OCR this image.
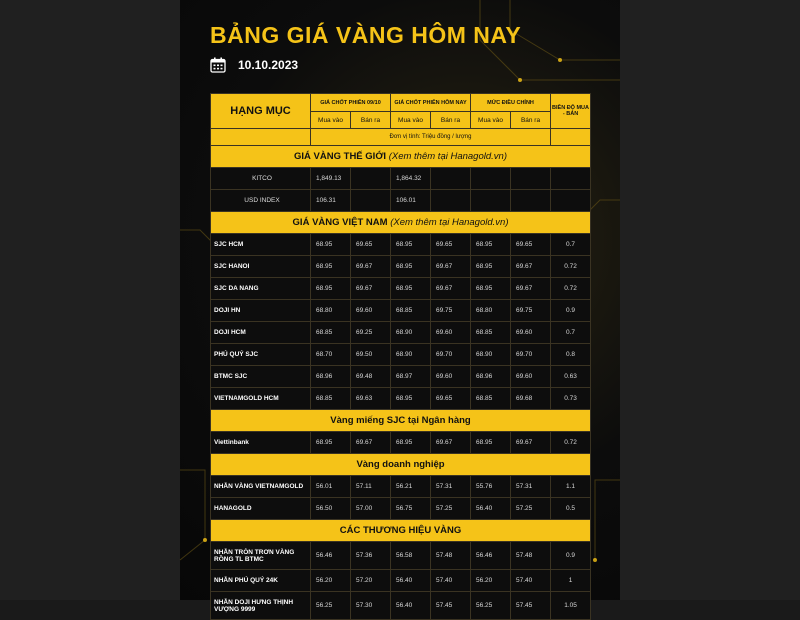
BẢNG GIÁ VÀNG HÔM NAY
10.10.2023
HẠNG MỤC	GIÁ CHỐT PHIÊN 09/10		GIÁ CHỐT PHIÊN HÔM NAY		MỨC ĐIỀU CHỈNH		BIÊN ĐỘ MUA - BÁN
	Mua vào	Bán ra	Mua vào	Bán ra	Mua vào	Bán ra	
	Đơn vị tính: Triệu đồng / lượng						
GIÁ VÀNG THẾ GIỚI (Xem thêm tại Hanagold.vn)							
KITCO	1,849.13		1,864.32				
USD INDEX	106.31		106.01				
GIÁ VÀNG VIỆT NAM (Xem thêm tại Hanagold.vn)							
SJC HCM	68.95	69.65	68.95	69.65	68.95	69.65	0.7
SJC HANOI	68.95	69.67	68.95	69.67	68.95	69.67	0.72
SJC DA NANG	68.95	69.67	68.95	69.67	68.95	69.67	0.72
DOJI HN	68.80	69.60	68.85	69.75	68.80	69.75	0.9
DOJI HCM	68.85	69.25	68.90	69.60	68.85	69.60	0.7
PHÚ QUÝ SJC	68.70	69.50	68.90	69.70	68.90	69.70	0.8
BTMC SJC	68.96	69.48	68.97	69.60	68.96	69.60	0.63
VIETNAMGOLD HCM	68.85	69.63	68.95	69.65	68.85	69.68	0.73
Vàng miếng SJC tại Ngân hàng							
Viettinbank	68.95	69.67	68.95	69.67	68.95	69.67	0.72
Vàng doanh nghiệp							
NHẪN VÀNG VIETNAMGOLD	56.01	57.11	56.21	57.31	55.76	57.31	1.1
HANAGOLD	56.50	57.00	56.75	57.25	56.40	57.25	0.5
CÁC THƯƠNG HIỆU VÀNG							
NHẪN TRÒN TRƠN VÀNG RỒNG TL BTMC	56.46	57.36	56.58	57.48	56.46	57.48	0.9
NHẪN PHÚ QUÝ 24K	56.20	57.20	56.40	57.40	56.20	57.40	1
NHẪN DOJI HƯNG THỊNH VƯỢNG 9999	56.25	57.30	56.40	57.45	56.25	57.45	1.05
